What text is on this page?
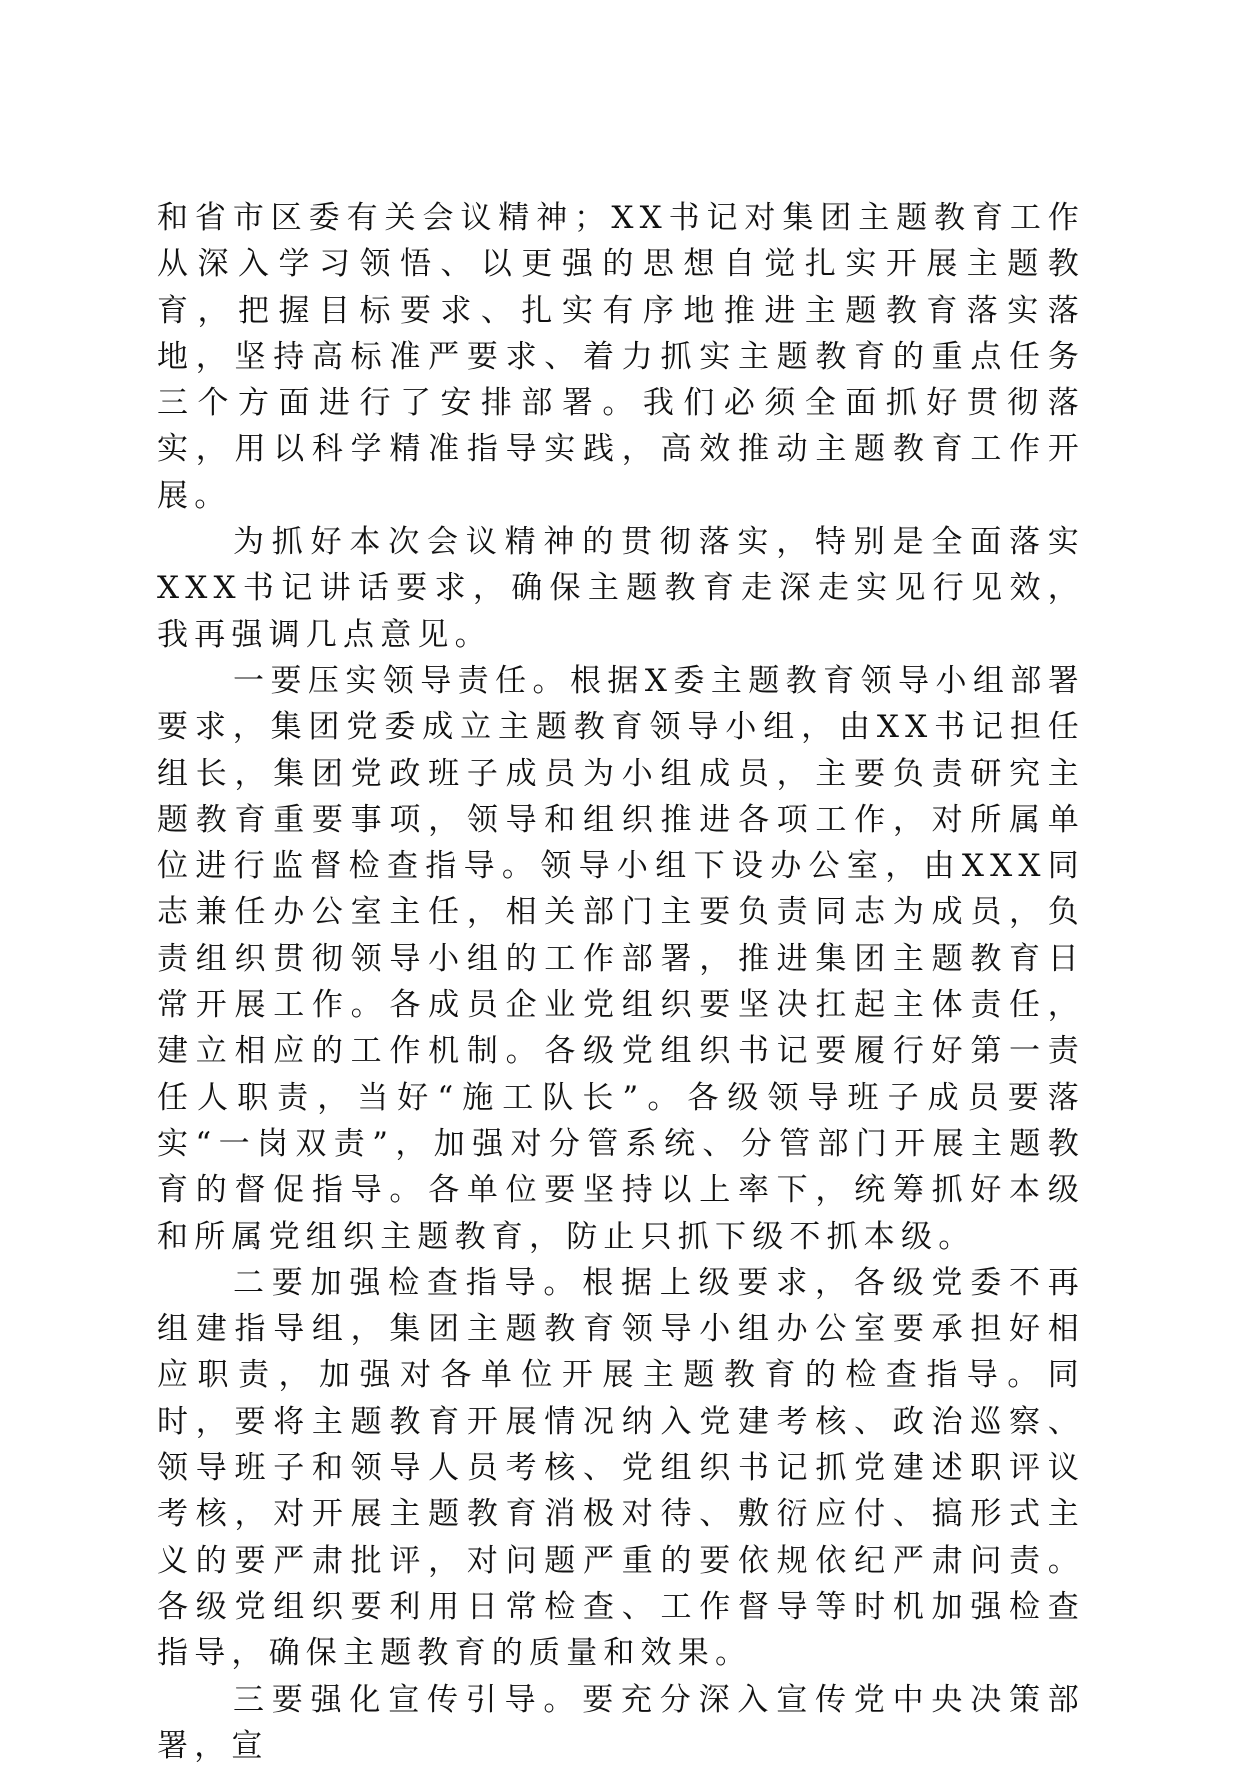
和省市区委有关会议精神；XX书记对集团主题教育工作从深入学习领悟、以更强的思想自觉扎实开展主题教育，把握目标要求、扎实有序地推进主题教育落实落地，坚持高标准严要求、着力抓实主题教育的重点任务三个方面进行了安排部署。我们必须全面抓好贯彻落实，用以科学精准指导实践，高效推动主题教育工作开展。

为抓好本次会议精神的贯彻落实，特别是全面落实XXX书记讲话要求，确保主题教育走深走实见行见效，我再强调几点意见。

一要压实领导责任。根据X委主题教育领导小组部署要求，集团党委成立主题教育领导小组，由XX书记担任组长，集团党政班子成员为小组成员，主要负责研究主题教育重要事项，领导和组织推进各项工作，对所属单位进行监督检查指导。领导小组下设办公室，由XXX同志兼任办公室主任，相关部门主要负责同志为成员，负责组织贯彻领导小组的工作部署，推进集团主题教育日常开展工作。各成员企业党组织要坚决扛起主体责任，建立相应的工作机制。各级党组织书记要履行好第一责任人职责，当好“施工队长”。各级领导班子成员要落实“一岗双责”，加强对分管系统、分管部门开展主题教育的督促指导。各单位要坚持以上率下，统筹抓好本级和所属党组织主题教育，防止只抓下级不抓本级。

二要加强检查指导。根据上级要求，各级党委不再组建指导组，集团主题教育领导小组办公室要承担好相应职责，加强对各单位开展主题教育的检查指导。同时，要将主题教育开展情况纳入党建考核、政治巡察、领导班子和领导人员考核、党组织书记抓党建述职评议考核，对开展主题教育消极对待、敷衍应付、搞形式主义的要严肃批评，对问题严重的要依规依纪严肃问责。各级党组织要利用日常检查、工作督导等时机加强检查指导，确保主题教育的质量和效果。

三要强化宣传引导。要充分深入宣传党中央决策部署，宣
